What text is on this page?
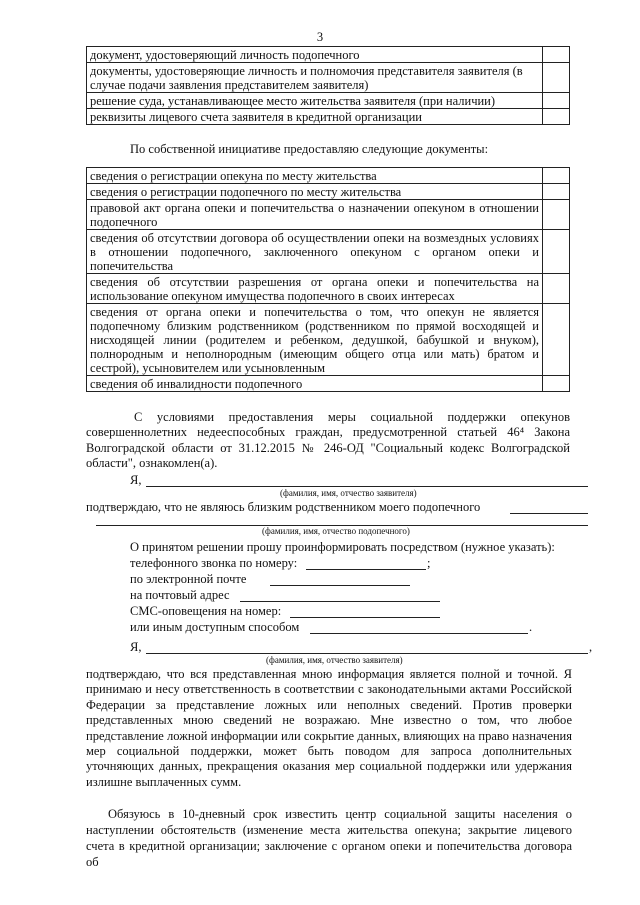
3
документ, удостоверяющий личность подопечного	
документы, удостоверяющие личность и полномочия представителя заявителя (в случае подачи заявления представителем заявителя)	
решение суда, устанавливающее место жительства заявителя (при наличии)	
реквизиты лицевого счета заявителя в кредитной организации	
По собственной инициативе предоставляю следующие документы:
сведения о регистрации опекуна по месту жительства	
сведения о регистрации подопечного по месту жительства	
правовой акт органа опеки и попечительства о назначении опекуном в отношении подопечного	
сведения об отсутствии договора об осуществлении опеки на возмездных условиях в отношении подопечного, заключенного опекуном с органом опеки и попечительства	
сведения об отсутствии разрешения от органа опеки и попечительства на использование опекуном имущества подопечного в своих интересах	
сведения от органа опеки и попечительства о том, что опекун не является подопечному близким родственником (родственником по прямой восходящей и нисходящей линии (родителем и ребенком, дедушкой, бабушкой и внуком), полнородным и неполнородным (имеющим общего отца или мать) братом и сестрой), усыновителем или усыновленным	
сведения об инвалидности подопечного	
С условиями предоставления меры социальной поддержки опекунов совершеннолетних недееспособных граждан, предусмотренной статьей 46⁴ Закона Волгоградской области от 31.12.2015 № 246-ОД "Социальный кодекс Волгоградской области", ознакомлен(а).
Я,
(фамилия, имя, отчество заявителя)
подтверждаю, что не являюсь близким родственником моего подопечного
(фамилия, имя, отчество подопечного)
О принятом решении прошу проинформировать посредством (нужное указать):
телефонного звонка по номеру:	;
по электронной почте
на почтовый адрес
СМС-оповещения на номер:
или иным доступным способом	.
Я,	,
(фамилия, имя, отчество заявителя)
подтверждаю, что вся представленная мною информация является полной и точной. Я принимаю и несу ответственность в соответствии с законодательными актами Российской Федерации за представление ложных или неполных сведений. Против проверки представленных мною сведений не возражаю. Мне известно о том, что любое представление ложной информации или сокрытие данных, влияющих на право назначения мер социальной поддержки, может быть поводом для запроса дополнительных уточняющих данных, прекращения оказания мер социальной поддержки или удержания излишне выплаченных сумм.
Обязуюсь в 10-дневный срок известить центр социальной защиты населения о наступлении обстоятельств (изменение места жительства опекуна; закрытие лицевого счета в кредитной организации; заключение с органом опеки и попечительства договора об
